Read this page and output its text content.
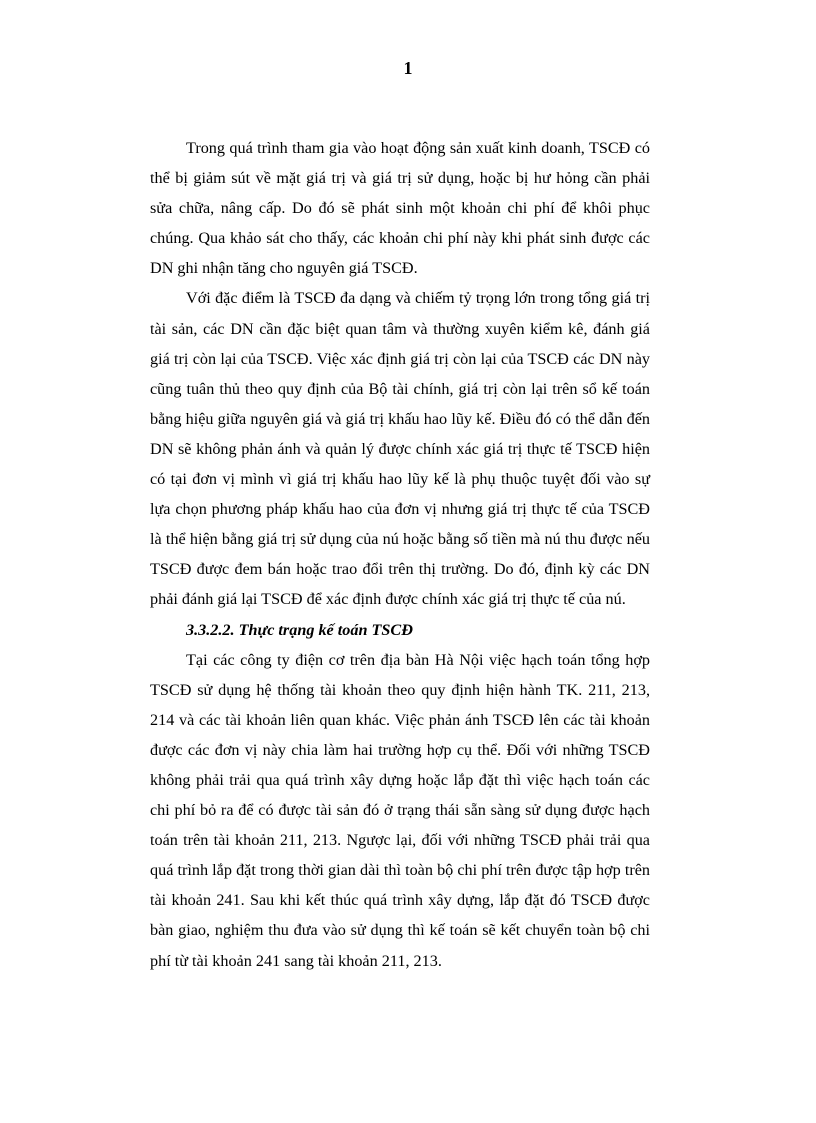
1

Trong quá trình tham gia vào hoạt động sản xuất kinh doanh, TSCĐ có thể bị giảm sút về mặt giá trị và giá trị sử dụng, hoặc bị hư hỏng cần phải sửa chữa, nâng cấp. Do đó sẽ phát sinh một khoản chi phí để khôi phục chúng. Qua khảo sát cho thấy, các khoản chi phí này khi phát sinh được các DN ghi nhận tăng cho nguyên giá TSCĐ.

Với đặc điểm là TSCĐ đa dạng và chiếm tỷ trọng lớn trong tổng giá trị tài sản, các DN cần đặc biệt quan tâm và thường xuyên kiểm kê, đánh giá giá trị còn lại của TSCĐ. Việc xác định giá trị còn lại của TSCĐ các DN này cũng tuân thủ theo quy định của Bộ tài chính, giá trị còn lại trên sổ kế toán bằng hiệu giữa nguyên giá và giá trị khấu hao lũy kế. Điều đó có thể dẫn đến DN sẽ không phản ánh và quản lý được chính xác giá trị thực tế TSCĐ hiện có tại đơn vị mình vì giá trị khấu hao lũy kế là phụ thuộc tuyệt đối vào sự lựa chọn phương pháp khấu hao của đơn vị nhưng giá trị thực tế của TSCĐ là thể hiện bằng giá trị sử dụng của nú hoặc bằng số tiền mà nú thu được nếu TSCĐ được đem bán hoặc trao đổi trên thị trường. Do đó, định kỳ các DN phải đánh giá lại TSCĐ để xác định được chính xác giá trị thực tế của nú.

3.3.2.2. Thực trạng kế toán TSCĐ

Tại các công ty điện cơ trên địa bàn Hà Nội việc hạch toán tổng hợp TSCĐ sử dụng hệ thống tài khoản theo quy định hiện hành TK. 211, 213, 214 và các tài khoản liên quan khác. Việc phản ánh TSCĐ lên các tài khoản được các đơn vị này chia làm hai trường hợp cụ thể. Đối với những TSCĐ không phải trải qua quá trình xây dựng hoặc lắp đặt thì việc hạch toán các chi phí bỏ ra để có được tài sản đó ở trạng thái sẵn sàng sử dụng được hạch toán trên tài khoản 211, 213. Ngược lại, đối với những TSCĐ phải trải qua quá trình lắp đặt trong thời gian dài thì toàn bộ chi phí trên được tập hợp trên tài khoản 241. Sau khi kết thúc quá trình xây dựng, lắp đặt đó TSCĐ được bàn giao, nghiệm thu đưa vào sử dụng thì kế toán sẽ kết chuyển toàn bộ chi phí từ tài khoản 241 sang tài khoản 211, 213.
